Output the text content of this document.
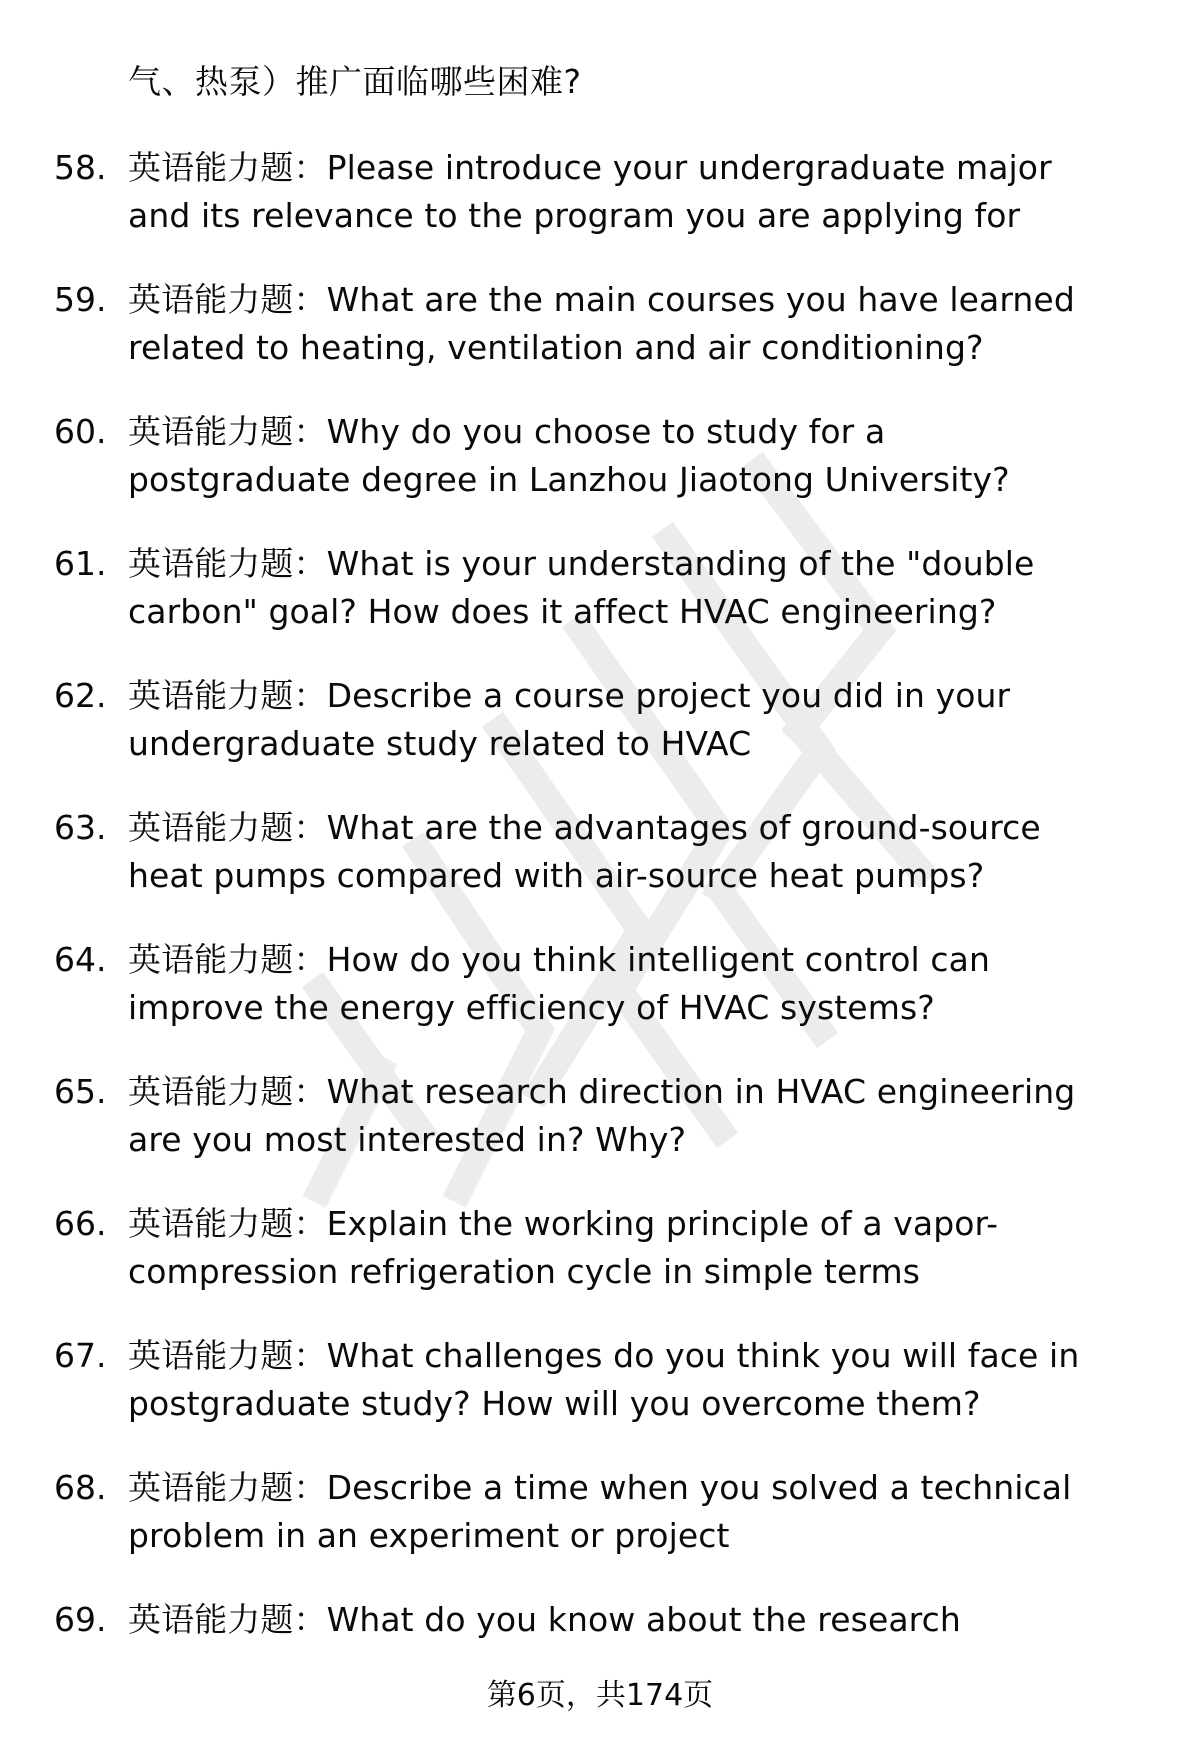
气、热泵）推广面临哪些困难?
58. 英语能力题：Please introduce your undergraduate major
and its relevance to the program you are applying for
59. 英语能力题：What are the main courses you have learned
related to heating, ventilation and air conditioning?
60. 英语能力题：Why do you choose to study for a
postgraduate degree in Lanzhou Jiaotong University?
61. 英语能力题：What is your understanding of the "double
carbon" goal? How does it affect HVAC engineering?
62. 英语能力题：Describe a course project you did in your
undergraduate study related to HVAC
63. 英语能力题：What are the advantages of ground-source
heat pumps compared with air-source heat pumps?
64. 英语能力题：How do you think intelligent control can
improve the energy efficiency of HVAC systems?
65. 英语能力题：What research direction in HVAC engineering
are you most interested in? Why?
66. 英语能力题：Explain the working principle of a vapor-
compression refrigeration cycle in simple terms
67. 英语能力题：What challenges do you think you will face in
postgraduate study? How will you overcome them?
68. 英语能力题：Describe a time when you solved a technical
problem in an experiment or project
69. 英语能力题：What do you know about the research
第6页，共174页
